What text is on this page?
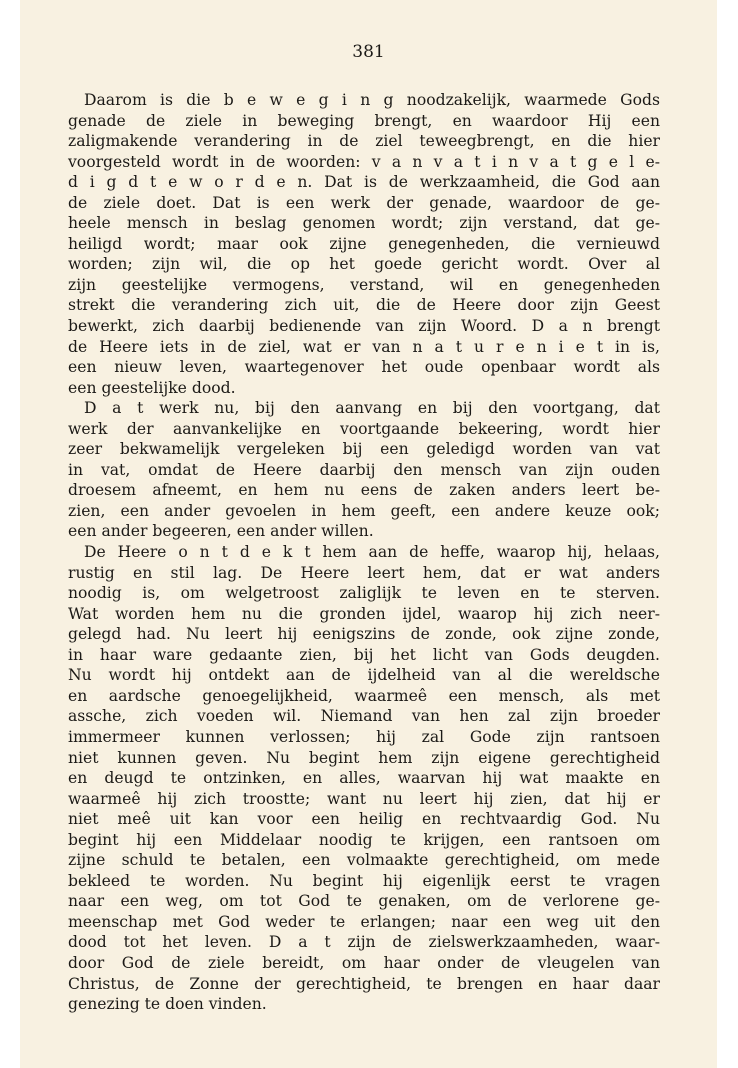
381
Daarom is die b e w e g i n g noodzakelijk, waarmede Gods
genade de ziele in beweging brengt, en waardoor Hij een
zaligmakende verandering in de ziel teweegbrengt, en die hier
voorgesteld wordt in de woorden: v a n v a t i n v a t g e l e-
d i g d t e w o r d e n. Dat is de werkzaamheid, die God aan
de ziele doet. Dat is een werk der genade, waardoor de ge-
heele mensch in beslag genomen wordt; zijn verstand, dat ge-
heiligd wordt; maar ook zijne genegenheden, die vernieuwd
worden; zijn wil, die op het goede gericht wordt. Over al
zijn geestelijke vermogens, verstand, wil en genegenheden
strekt die verandering zich uit, die de Heere door zijn Geest
bewerkt, zich daarbij bedienende van zijn Woord. D a n brengt
de Heere iets in de ziel, wat er van n a t u r e n i e t in is,
een nieuw leven, waartegenover het oude openbaar wordt als
een geestelijke dood.
D a t werk nu, bij den aanvang en bij den voortgang, dat
werk der aanvankelijke en voortgaande bekeering, wordt hier
zeer bekwamelijk vergeleken bij een geledigd worden van vat
in vat, omdat de Heere daarbij den mensch van zijn ouden
droesem afneemt, en hem nu eens de zaken anders leert be-
zien, een ander gevoelen in hem geeft, een andere keuze ook;
een ander begeeren, een ander willen.
De Heere o n t d e k t hem aan de heffe, waarop hij, helaas,
rustig en stil lag. De Heere leert hem, dat er wat anders
noodig is, om welgetroost zaliglijk te leven en te sterven.
Wat worden hem nu die gronden ijdel, waarop hij zich neer-
gelegd had. Nu leert hij eenigszins de zonde, ook zijne zonde,
in haar ware gedaante zien, bij het licht van Gods deugden.
Nu wordt hij ontdekt aan de ijdelheid van al die wereldsche
en aardsche genoegelijkheid, waarmeê een mensch, als met
assche, zich voeden wil. Niemand van hen zal zijn broeder
immermeer kunnen verlossen; hij zal Gode zijn rantsoen
niet kunnen geven. Nu begint hem zijn eigene gerechtigheid
en deugd te ontzinken, en alles, waarvan hij wat maakte en
waarmeê hij zich troostte; want nu leert hij zien, dat hij er
niet meê uit kan voor een heilig en rechtvaardig God. Nu
begint hij een Middelaar noodig te krijgen, een rantsoen om
zijne schuld te betalen, een volmaakte gerechtigheid, om mede
bekleed te worden. Nu begint hij eigenlijk eerst te vragen
naar een weg, om tot God te genaken, om de verlorene ge-
meenschap met God weder te erlangen; naar een weg uit den
dood tot het leven. D a t zijn de zielswerkzaamheden, waar-
door God de ziele bereidt, om haar onder de vleugelen van
Christus, de Zonne der gerechtigheid, te brengen en haar daar
genezing te doen vinden.
